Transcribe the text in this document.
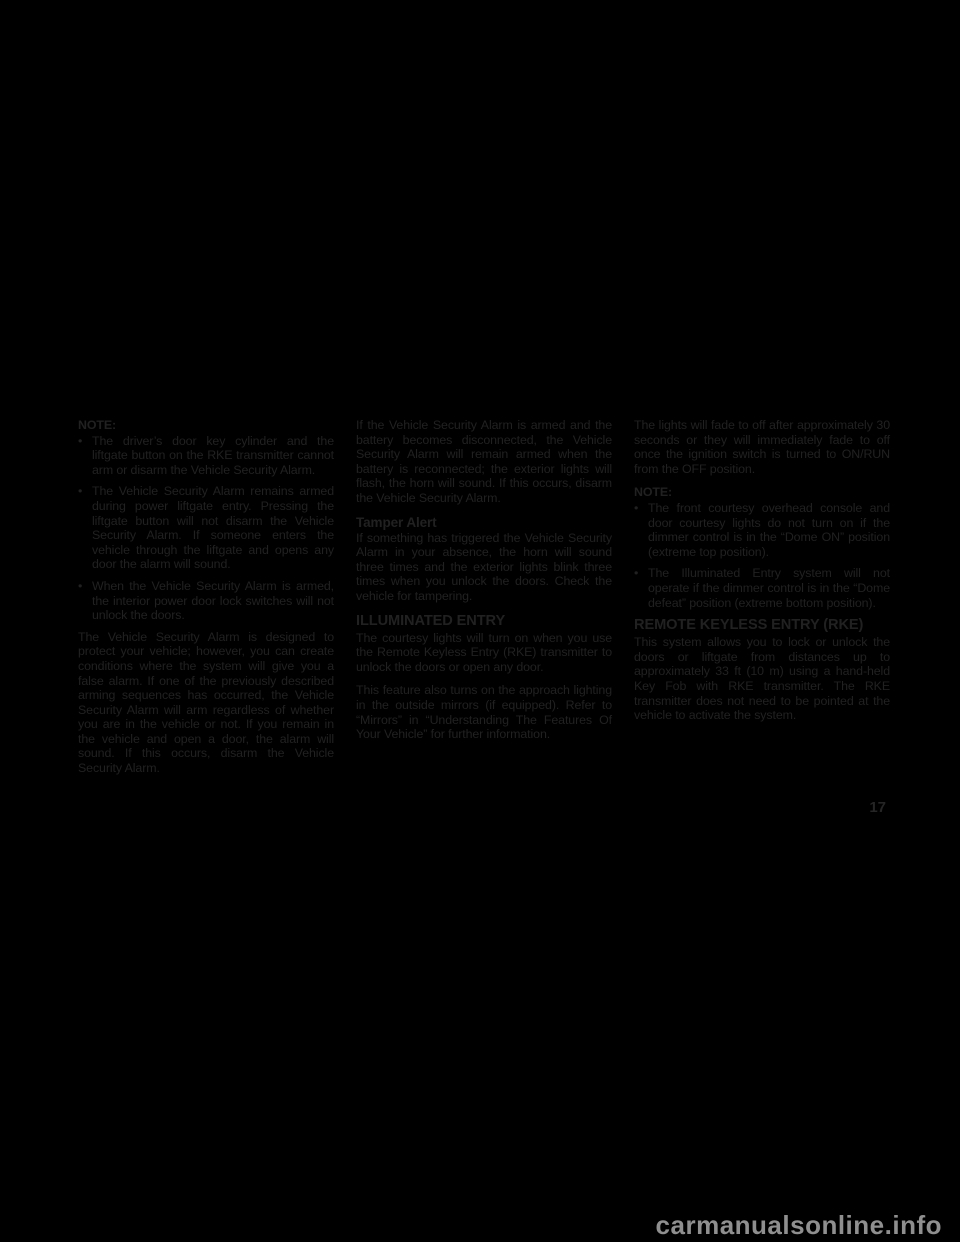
NOTE:

• The driver’s door key cylinder and the liftgate button on the RKE transmitter cannot arm or disarm the Vehicle Security Alarm.
• The Vehicle Security Alarm remains armed during power liftgate entry. Pressing the liftgate button will not disarm the Vehicle Security Alarm. If someone enters the vehicle through the liftgate and opens any door the alarm will sound.
• When the Vehicle Security Alarm is armed, the interior power door lock switches will not unlock the doors.

The Vehicle Security Alarm is designed to protect your vehicle; however, you can create conditions where the system will give you a false alarm. If one of the previously described arming sequences has occurred, the Vehicle Security Alarm will arm regardless of whether you are in the vehicle or not. If you remain in the vehicle and open a door, the alarm will sound. If this occurs, disarm the Vehicle Security Alarm.

If the Vehicle Security Alarm is armed and the battery becomes disconnected, the Vehicle Security Alarm will remain armed when the battery is reconnected; the exterior lights will flash, the horn will sound. If this occurs, disarm the Vehicle Security Alarm.

Tamper Alert

If something has triggered the Vehicle Security Alarm in your absence, the horn will sound three times and the exterior lights blink three times when you unlock the doors. Check the vehicle for tampering.

ILLUMINATED ENTRY

The courtesy lights will turn on when you use the Remote Keyless Entry (RKE) transmitter to unlock the doors or open any door.

This feature also turns on the approach lighting in the outside mirrors (if equipped). Refer to “Mirrors” in “Understanding The Features Of Your Vehicle” for further information.

The lights will fade to off after approximately 30 seconds or they will immediately fade to off once the ignition switch is turned to ON/RUN from the OFF position.

NOTE:

• The front courtesy overhead console and door courtesy lights do not turn on if the dimmer control is in the “Dome ON” position (extreme top position).
• The Illuminated Entry system will not operate if the dimmer control is in the “Dome defeat” position (extreme bottom position).

REMOTE KEYLESS ENTRY (RKE)

This system allows you to lock or unlock the doors or liftgate from distances up to approximately 33 ft (10 m) using a hand-held Key Fob with RKE transmitter. The RKE transmitter does not need to be pointed at the vehicle to activate the system.

17
carmanualsonline.info
